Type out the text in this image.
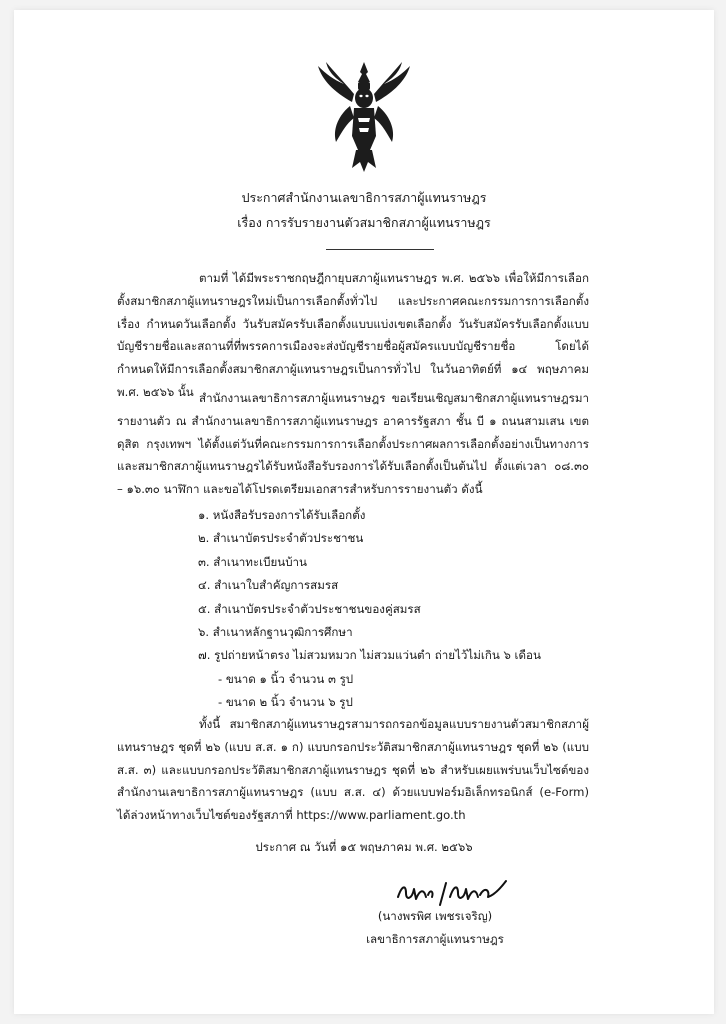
ประกาศสำนักงานเลขาธิการสภาผู้แทนราษฎร
เรื่อง การรับรายงานตัวสมาชิกสภาผู้แทนราษฎร

ตามที่ ได้มีพระราชกฤษฎีกายุบสภาผู้แทนราษฎร พ.ศ. ๒๕๖๖ เพื่อให้มีการเลือกตั้งสมาชิกสภาผู้แทนราษฎรใหม่เป็นการเลือกตั้งทั่วไป และประกาศคณะกรรมการการเลือกตั้ง เรื่อง กำหนดวันเลือกตั้ง วันรับสมัครรับเลือกตั้งแบบแบ่งเขตเลือกตั้ง วันรับสมัครรับเลือกตั้งแบบบัญชีรายชื่อและสถานที่ที่พรรคการเมืองจะส่งบัญชีรายชื่อผู้สมัครแบบบัญชีรายชื่อ โดยได้กำหนดให้มีการเลือกตั้งสมาชิกสภาผู้แทนราษฎรเป็นการทั่วไป ในวันอาทิตย์ที่ ๑๔ พฤษภาคม พ.ศ. ๒๕๖๖ นั้น สำนักงานเลขาธิการสภาผู้แทนราษฎร ขอเรียนเชิญสมาชิกสภาผู้แทนราษฎรมารายงานตัว ณ สำนักงานเลขาธิการสภาผู้แทนราษฎร อาคารรัฐสภา ชั้น บี ๑ ถนนสามเสน เขตดุสิต กรุงเทพฯ ได้ตั้งแต่วันที่คณะกรรมการการเลือกตั้งประกาศผลการเลือกตั้งอย่างเป็นทางการและสมาชิกสภาผู้แทนราษฎรได้รับหนังสือรับรองการได้รับเลือกตั้งเป็นต้นไป ตั้งแต่เวลา ๐๘.๓๐ – ๑๖.๓๐ นาฬิกา และขอได้โปรดเตรียมเอกสารสำหรับการรายงานตัว ดังนี้

๑. หนังสือรับรองการได้รับเลือกตั้ง
๒. สำเนาบัตรประจำตัวประชาชน
๓. สำเนาทะเบียนบ้าน
๔. สำเนาใบสำคัญการสมรส
๕. สำเนาบัตรประจำตัวประชาชนของคู่สมรส
๖. สำเนาหลักฐานวุฒิการศึกษา
๗. รูปถ่ายหน้าตรง ไม่สวมหมวก ไม่สวมแว่นตำ ถ่ายไว้ไม่เกิน ๖ เดือน
- ขนาด ๑ นิ้ว จำนวน ๓ รูป
- ขนาด ๒ นิ้ว จำนวน ๖ รูป

ทั้งนี้ สมาชิกสภาผู้แทนราษฎรสามารถกรอกข้อมูลแบบรายงานตัวสมาชิกสภาผู้แทนราษฎร ชุดที่ ๒๖ (แบบ ส.ส. ๑ ก) แบบกรอกประวัติสมาชิกสภาผู้แทนราษฎร ชุดที่ ๒๖ (แบบ ส.ส. ๓) และแบบกรอกประวัติสมาชิกสภาผู้แทนราษฎร ชุดที่ ๒๖ สำหรับเผยแพร่บนเว็บไซต์ของสำนักงานเลขาธิการสภาผู้แทนราษฎร (แบบ ส.ส. ๔) ด้วยแบบฟอร์มอิเล็กทรอนิกส์ (e-Form) ได้ล่วงหน้าทางเว็บไซต์ของรัฐสภาที่ https://www.parliament.go.th

ประกาศ ณ วันที่ ๑๕ พฤษภาคม พ.ศ. ๒๕๖๖
(นางพรพิศ เพชรเจริญ)
เลขาธิการสภาผู้แทนราษฎร
